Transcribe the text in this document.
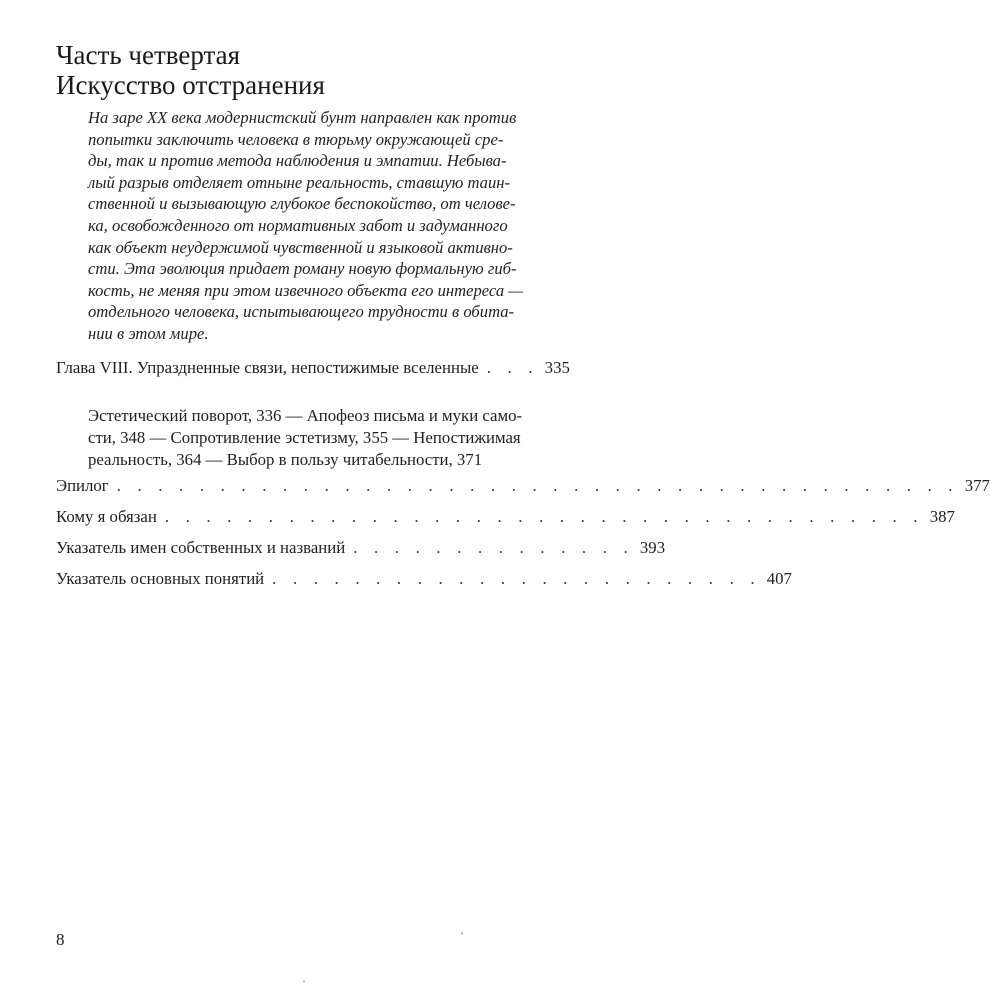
Часть четвертая
Искусство отстранения
На заре XX века модернистский бунт направлен как против
попытки заключить человека в тюрьму окружающей сре-
ды, так и против метода наблюдения и эмпатии. Небыва-
лый разрыв отделяет отныне реальность, ставшую таин-
ственной и вызывающую глубокое беспокойство, от челове-
ка, освобожденного от нормативных забот и задуманного
как объект неудержимой чувственной и языковой активно-
сти. Эта эволюция придает роману новую формальную гиб-
кость, не меняя при этом извечного объекта его интереса —
отдельного человека, испытывающего трудности в обита-
нии в этом мире.
Глава VIII. Упраздненные связи, непостижимые вселенные . . . 335
Эстетический поворот, 336 — Апофеоз письма и муки само-
сти, 348 — Сопротивление эстетизму, 355 — Непостижимая
реальность, 364 — Выбор в пользу читабельности, 371
Эпилог . . . . . . . . . . . . . . . . . . . . . . . . . . . . . . . . . . . . . . . . . 377
Кому я обязан . . . . . . . . . . . . . . . . . . . . . . . . . . . . . . . . . . . . . 387
Указатель имен собственных и названий . . . . . . . . . . . . . . 393
Указатель основных понятий . . . . . . . . . . . . . . . . . . . . . . . . 407
8
